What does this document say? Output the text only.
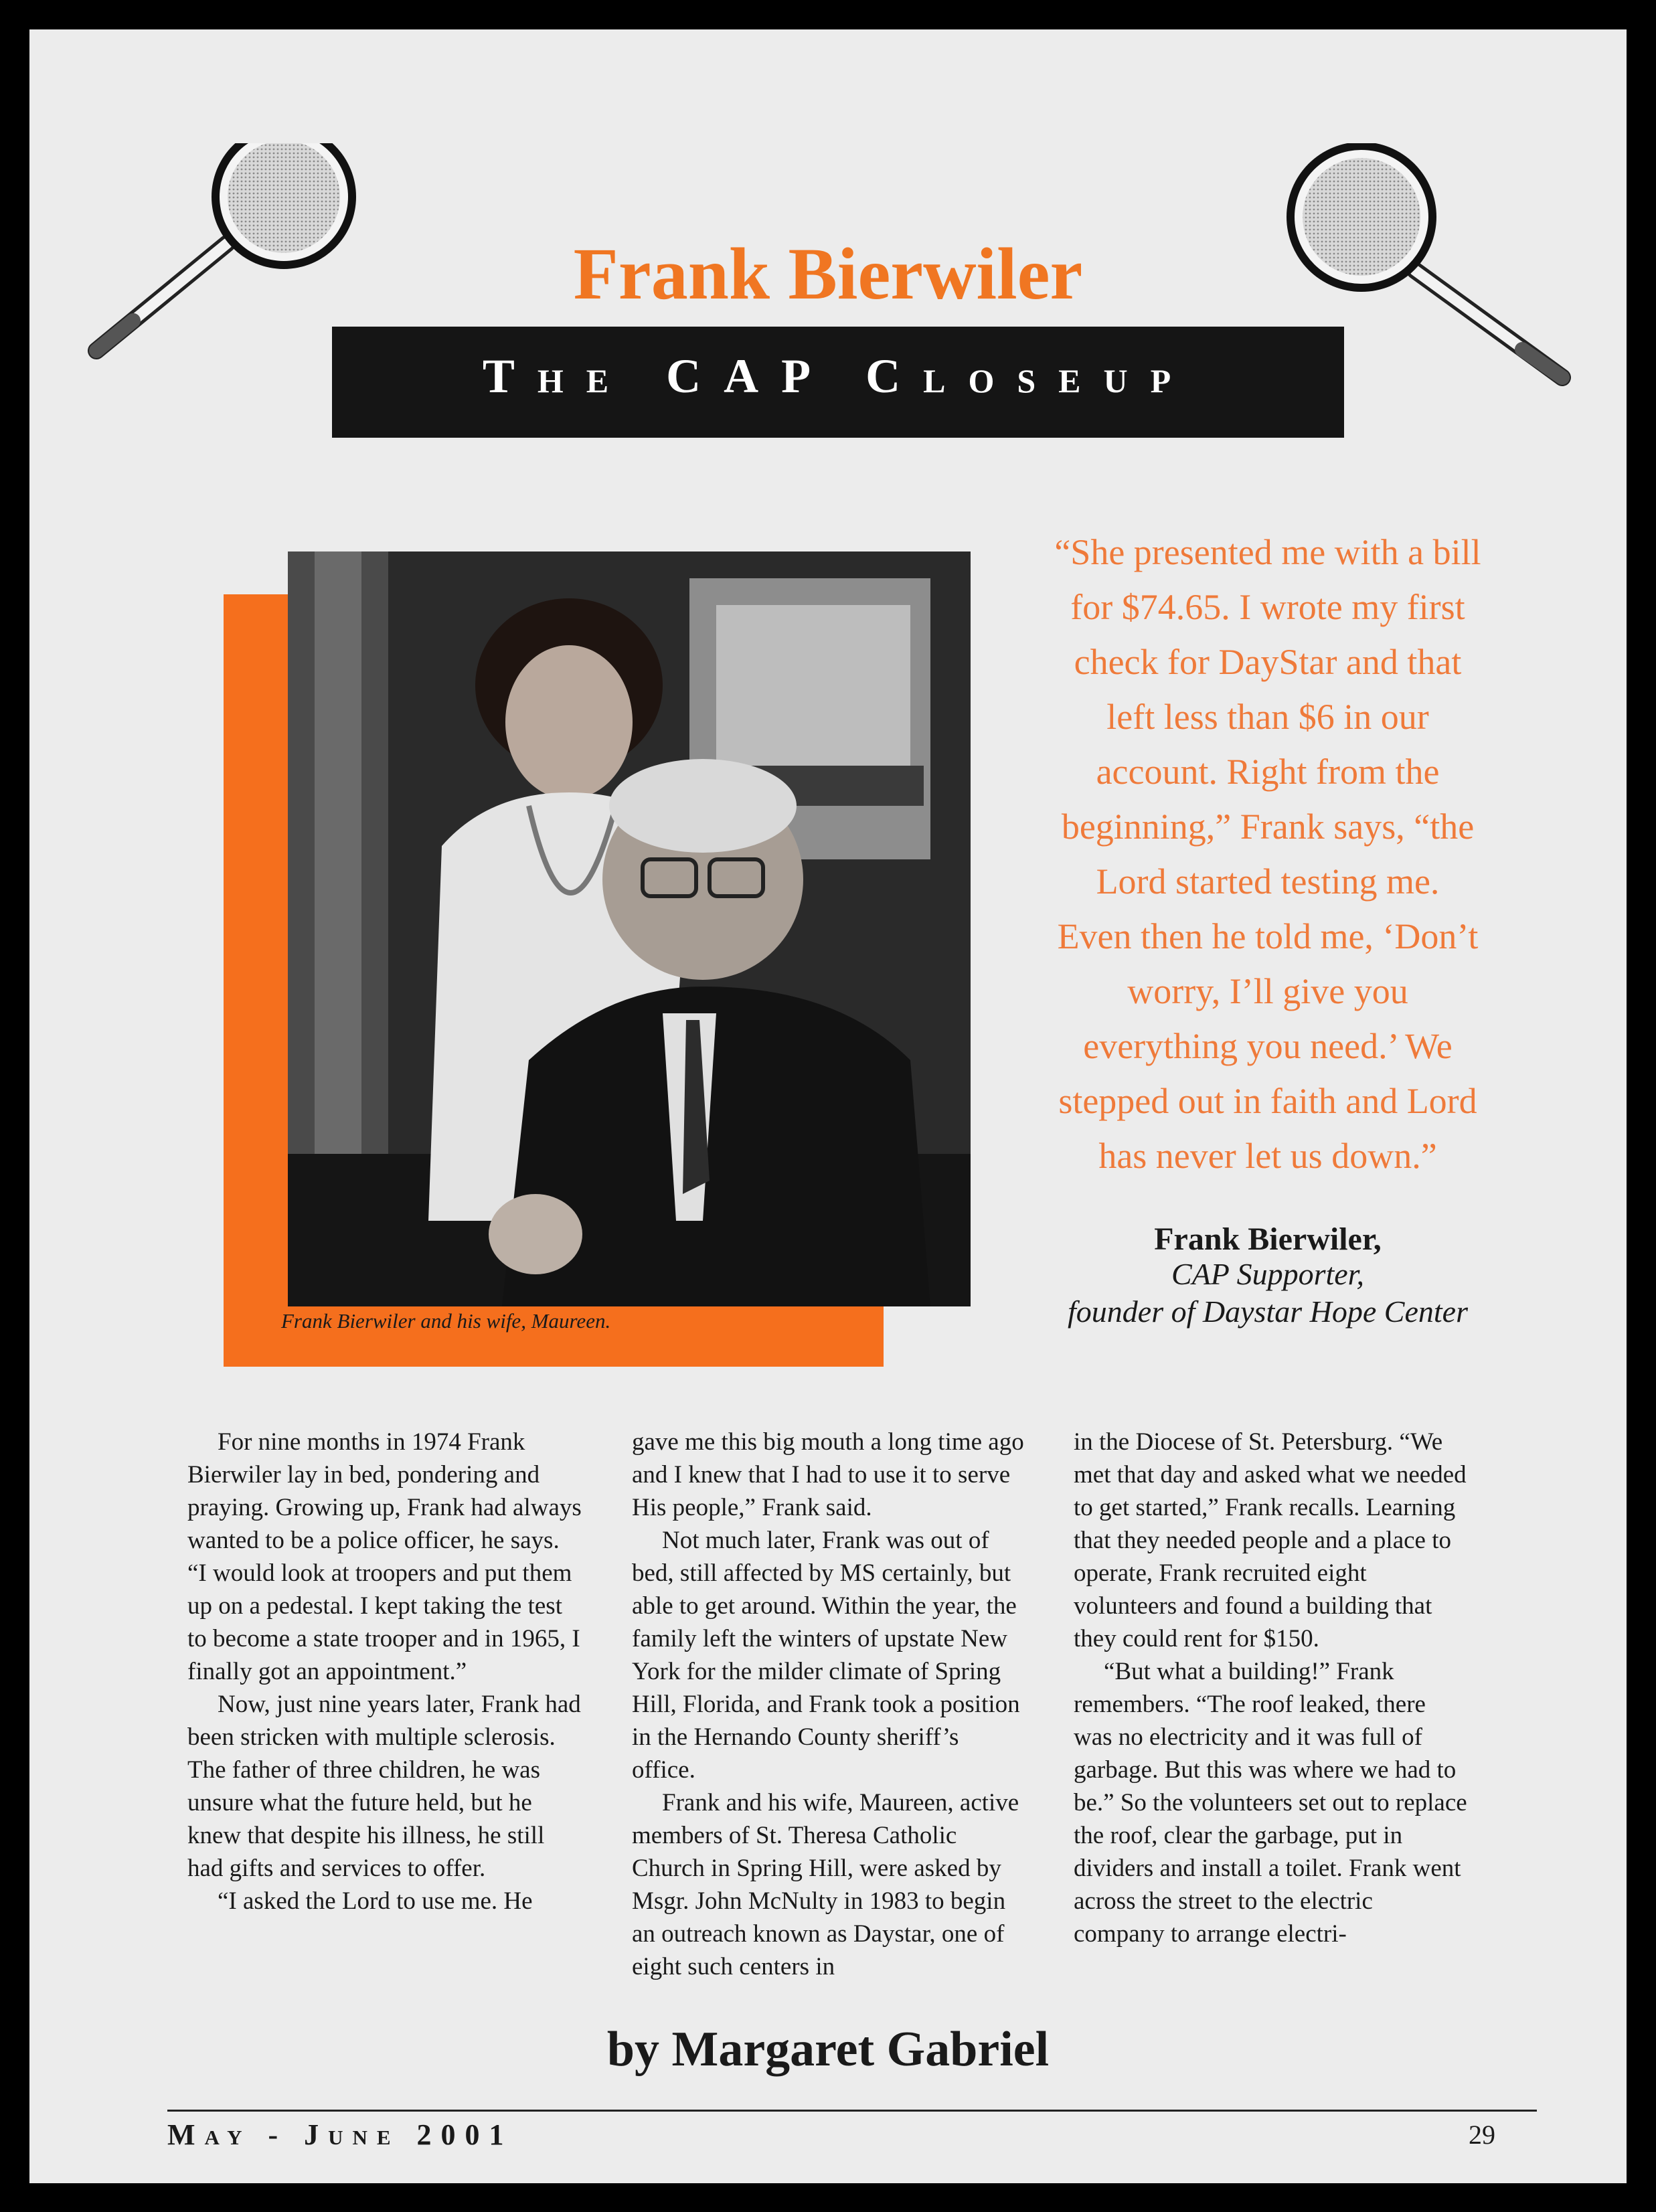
Frank Bierwiler
The CAP Closeup
Frank Bierwiler and his wife, Maureen.
“She presented me with a bill
for $74.65. I wrote my first
check for DayStar and that
left less than $6 in our
account. Right from the
beginning,” Frank says, “the
Lord started testing me.
Even then he told me, ‘Don’t
worry, I’ll give you
everything you need.’ We
stepped out in faith and Lord
has never let us down.”
Frank Bierwiler,
CAP Supporter,
founder of Daystar Hope Center

For nine months in 1974 Frank Bierwiler lay in bed, pondering and praying. Growing up, Frank had always wanted to be a police officer, he says. “I would look at troopers and put them up on a pedestal. I kept taking the test to become a state trooper and in 1965, I finally got an appointment.”

Now, just nine years later, Frank had been stricken with multiple sclerosis. The father of three children, he was unsure what the future held, but he knew that despite his illness, he still had gifts and services to offer.

“I asked the Lord to use me. He

gave me this big mouth a long time ago and I knew that I had to use it to serve His people,” Frank said.

Not much later, Frank was out of bed, still affected by MS certainly, but able to get around. Within the year, the family left the winters of upstate New York for the milder climate of Spring Hill, Florida, and Frank took a position in the Hernando County sheriff’s office.

Frank and his wife, Maureen, active members of St. Theresa Catholic Church in Spring Hill, were asked by Msgr. John McNulty in 1983 to begin an outreach known as Daystar, one of eight such centers in

in the Diocese of St. Petersburg. “We met that day and asked what we needed to get started,” Frank recalls. Learning that they needed people and a place to operate, Frank recruited eight volunteers and found a building that they could rent for $150.

“But what a building!” Frank remembers. “The roof leaked, there was no electricity and it was full of garbage. But this was where we had to be.” So the volunteers set out to replace the roof, clear the garbage, put in dividers and install a toilet. Frank went across the street to the electric company to arrange electri-

by Margaret Gabriel
May - June 2001	29
